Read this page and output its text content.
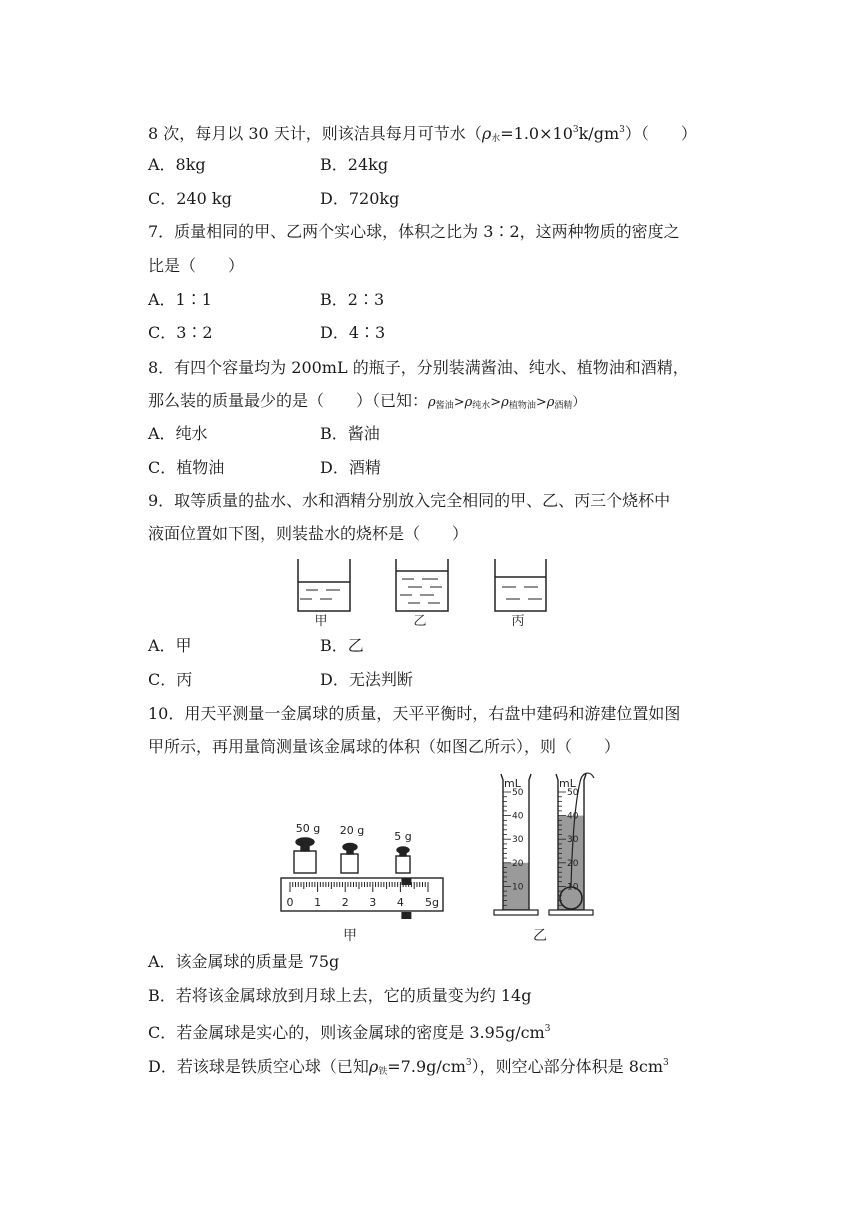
8 次，每月以 30 天计，则该洁具每月可节水$(\rho_水=1.0\times 10^3k/gm^3)$（　　）
A．8kg	B．24kg
C．240 kg	D．720kg
7．质量相同的甲、乙两个实心球，体积之比为 3∶2，这两种物质的密度之
比是（　　）
A．1∶1	B．2∶3
C．3∶2	D．4∶3
8．有四个容量均为 200mL 的瓶子，分别装满酱油、纯水、植物油和酒精，
那么装的质量最少的是（　　）（已知：$\rho_{酱油}>\rho_{纯水}>\rho_{植物油}>\rho_{酒精}$）
A．纯水	B．酱油
C．植物油	D．酒精
9．取等质量的盐水、水和酒精分别放入完全相同的甲、乙、丙三个烧杯中
液面位置如下图，则装盐水的烧杯是（　　）
甲	乙	丙
A．甲	B．乙
C．丙	D．无法判断
10．用天平测量一金属球的质量，天平平衡时，右盘中建码和游建位置如图
甲所示，再用量筒测量该金属球的体积（如图乙所示），则（　　）
50 g 20 g	5 g
0 1 2 3 4 5g
甲
50
40
30
20
10
mL
50
40
30
20
10
mL
乙
A．该金属球的质量是 75g
B．若将该金属球放到月球上去，它的质量变为约 14g
C．若金属球是实心的，则该金属球的密度是 $3.95g/cm^3$
D．若该球是铁质空心球（已知$\rho_铁=7.9g/cm^3$），则空心部分体积是 $8cm^3$
